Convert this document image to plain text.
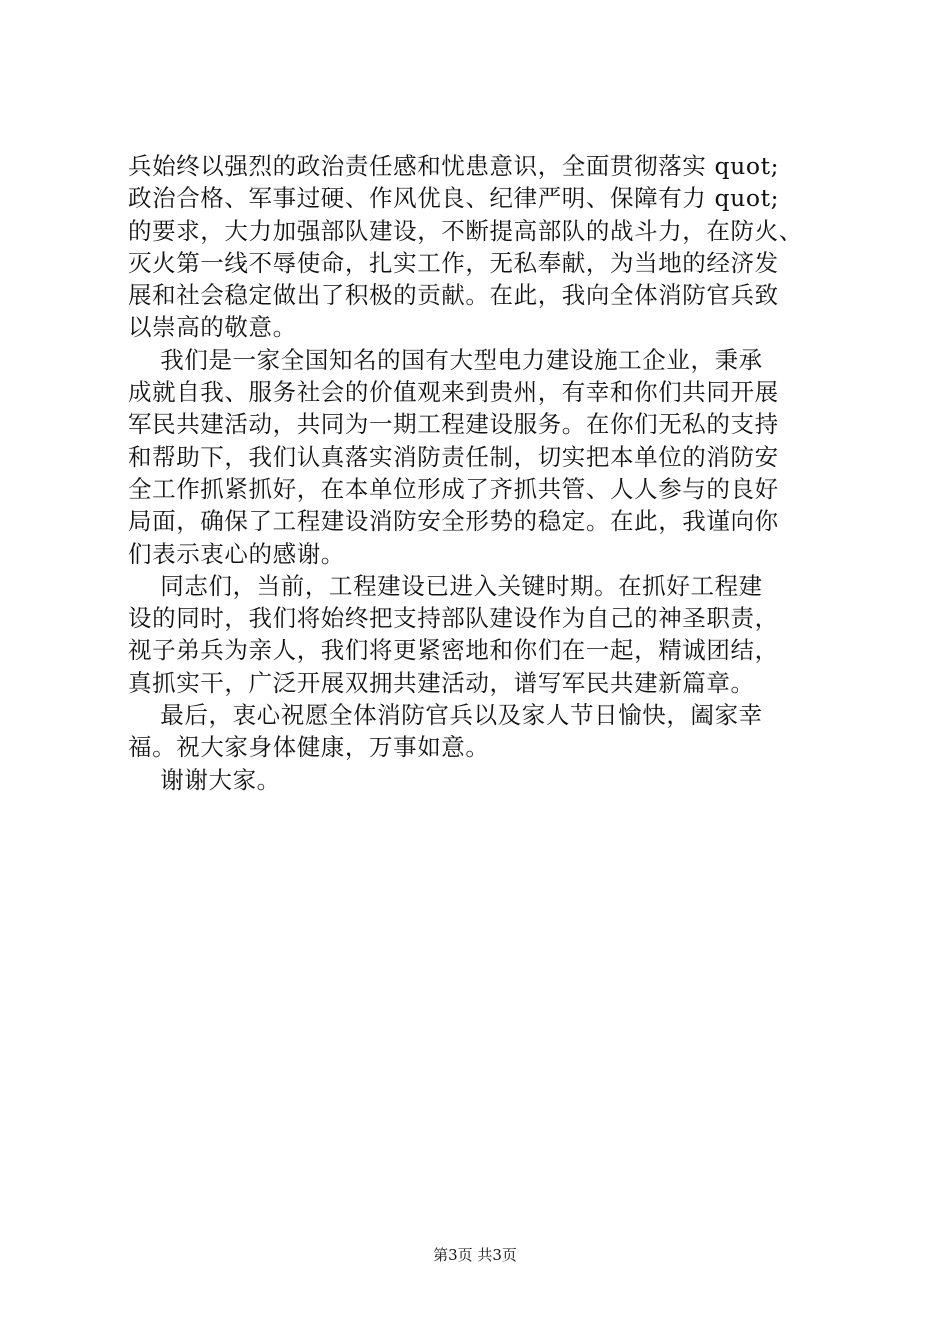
兵始终以强烈的政治责任感和忧患意识，全面贯彻落实 quot;
政治合格、军事过硬、作风优良、纪律严明、保障有力 quot;
的要求，大力加强部队建设，不断提高部队的战斗力，在防火、
灭火第一线不辱使命，扎实工作，无私奉献，为当地的经济发
展和社会稳定做出了积极的贡献。在此，我向全体消防官兵致
以崇高的敬意。
我们是一家全国知名的国有大型电力建设施工企业，秉承
成就自我、服务社会的价值观来到贵州，有幸和你们共同开展
军民共建活动，共同为一期工程建设服务。在你们无私的支持
和帮助下，我们认真落实消防责任制，切实把本单位的消防安
全工作抓紧抓好，在本单位形成了齐抓共管、人人参与的良好
局面，确保了工程建设消防安全形势的稳定。在此，我谨向你
们表示衷心的感谢。
同志们，当前，工程建设已进入关键时期。在抓好工程建
设的同时，我们将始终把支持部队建设作为自己的神圣职责，
视子弟兵为亲人，我们将更紧密地和你们在一起，精诚团结，
真抓实干，广泛开展双拥共建活动，谱写军民共建新篇章。
最后，衷心祝愿全体消防官兵以及家人节日愉快，阖家幸
福。祝大家身体健康，万事如意。
谢谢大家。
第3页 共3页
